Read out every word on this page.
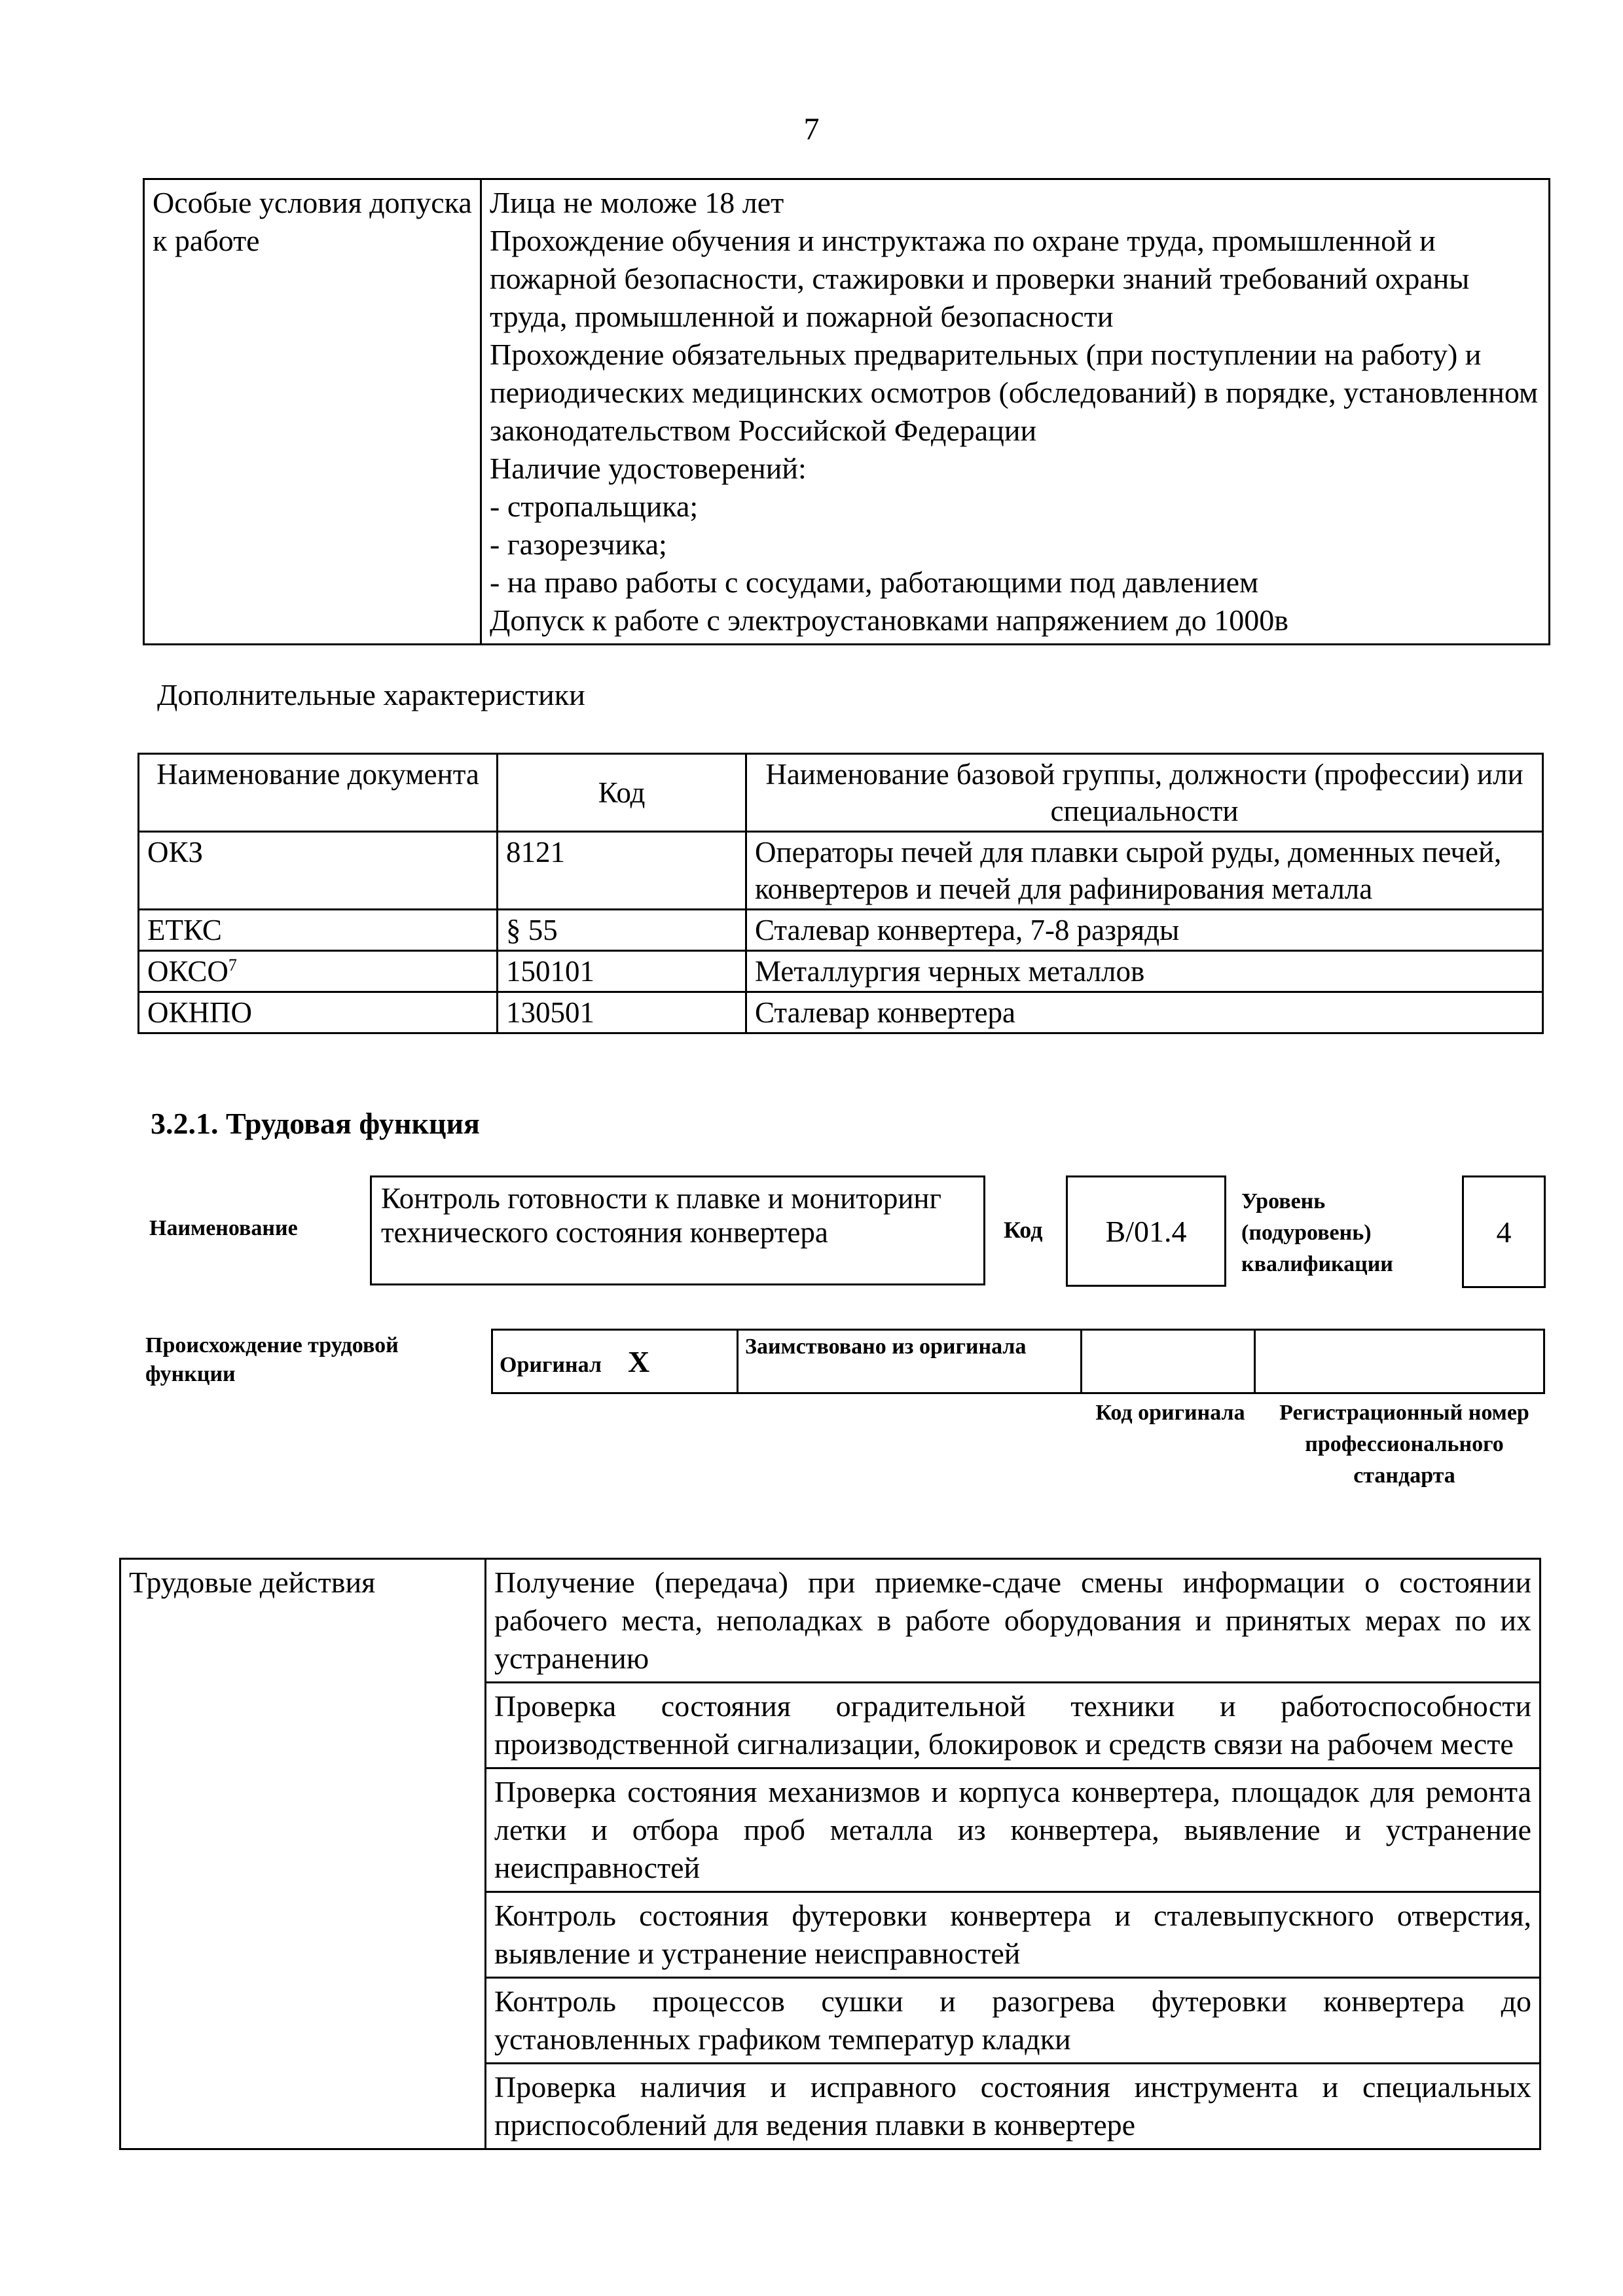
7
Особые условия допуска к работе	
Лица не моложе 18 лет
Прохождение обучения и инструктажа по охране труда, промышленной и пожарной безопасности, стажировки и проверки знаний требований охраны труда, промышленной и пожарной безопасности
Прохождение обязательных предварительных (при поступлении на работу) и периодических медицинских осмотров (обследований) в порядке, установленном законодательством Российской Федерации
Наличие удостоверений:
- стропальщика;
- газорезчика;
- на право работы с сосудами, работающими под давлением
Допуск к работе с электроустановками напряжением до 1000в
Дополнительные характеристики
Наименование документа	Код	Наименование базовой группы, должности (профессии) или специальности
ОКЗ	8121	Операторы печей для плавки сырой руды, доменных печей, конвертеров и печей для рафинирования металла
ЕТКС	§ 55	Сталевар конвертера, 7-8 разряды
ОКСО$^7$	150101	Металлургия черных металлов
ОКНПО	130501	Сталевар конвертера
3.2.1. Трудовая функция
Наименование
Контроль готовности к плавке и мониторинг технического состояния конвертера	Код B/01.4
Уровень
(подуровень)
квалификации
4
Происхождение трудовой функции	Оригинал X	Заимствовано из оригинала		
Код оригинала	Регистрационный номер профессионального стандарта
Трудовые действия	Получение (передача) при приемке-сдаче смены информации о состоянии рабочего места, неполадках в работе оборудования и принятых мерах по их устранению
Проверка состояния оградительной техники и работоспособности производственной сигнализации, блокировок и средств связи на рабочем месте
Проверка состояния механизмов и корпуса конвертера, площадок для ремонта летки и отбора проб металла из конвертера, выявление и устранение неисправностей
Контроль состояния футеровки конвертера и сталевыпускного отверстия, выявление и устранение неисправностей
Контроль процессов сушки и разогрева футеровки конвертера до установленных графиком температур кладки
Проверка наличия и исправного состояния инструмента и специальных приспособлений для ведения плавки в конвертере
